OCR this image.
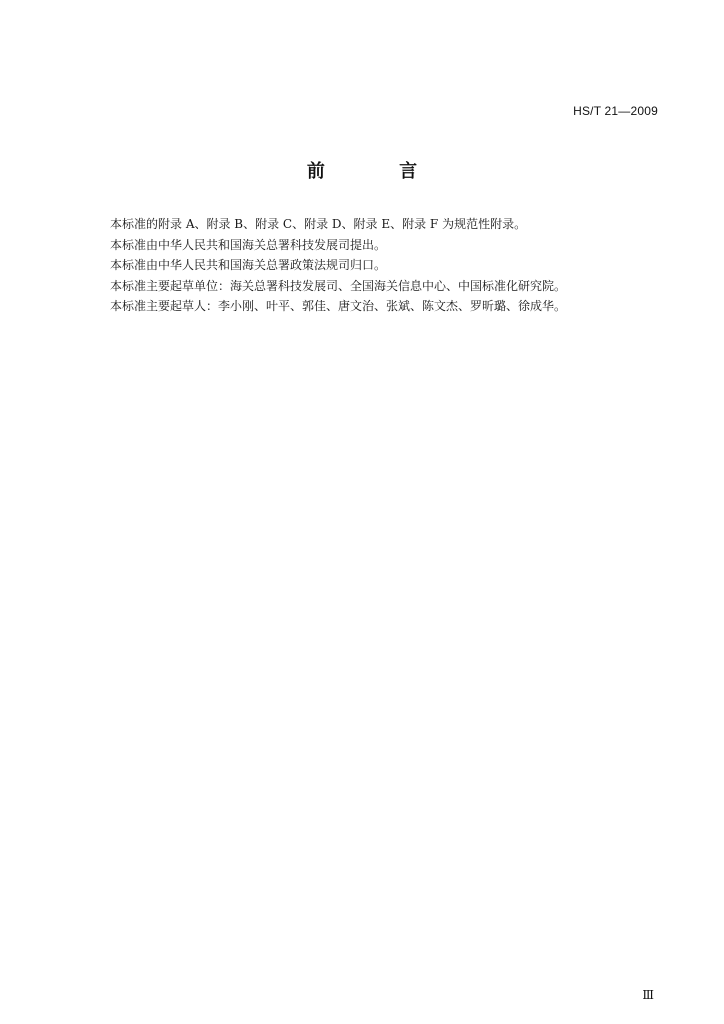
HS/T 21—2009
前 言

本标准的附录 A、附录 B、附录 C、附录 D、附录 E、附录 F 为规范性附录。

本标准由中华人民共和国海关总署科技发展司提出。

本标准由中华人民共和国海关总署政策法规司归口。

本标准主要起草单位：海关总署科技发展司、全国海关信息中心、中国标准化研究院。

本标准主要起草人：李小刚、叶平、郭佳、唐文治、张斌、陈文杰、罗昕璐、徐成华。

Ⅲ
